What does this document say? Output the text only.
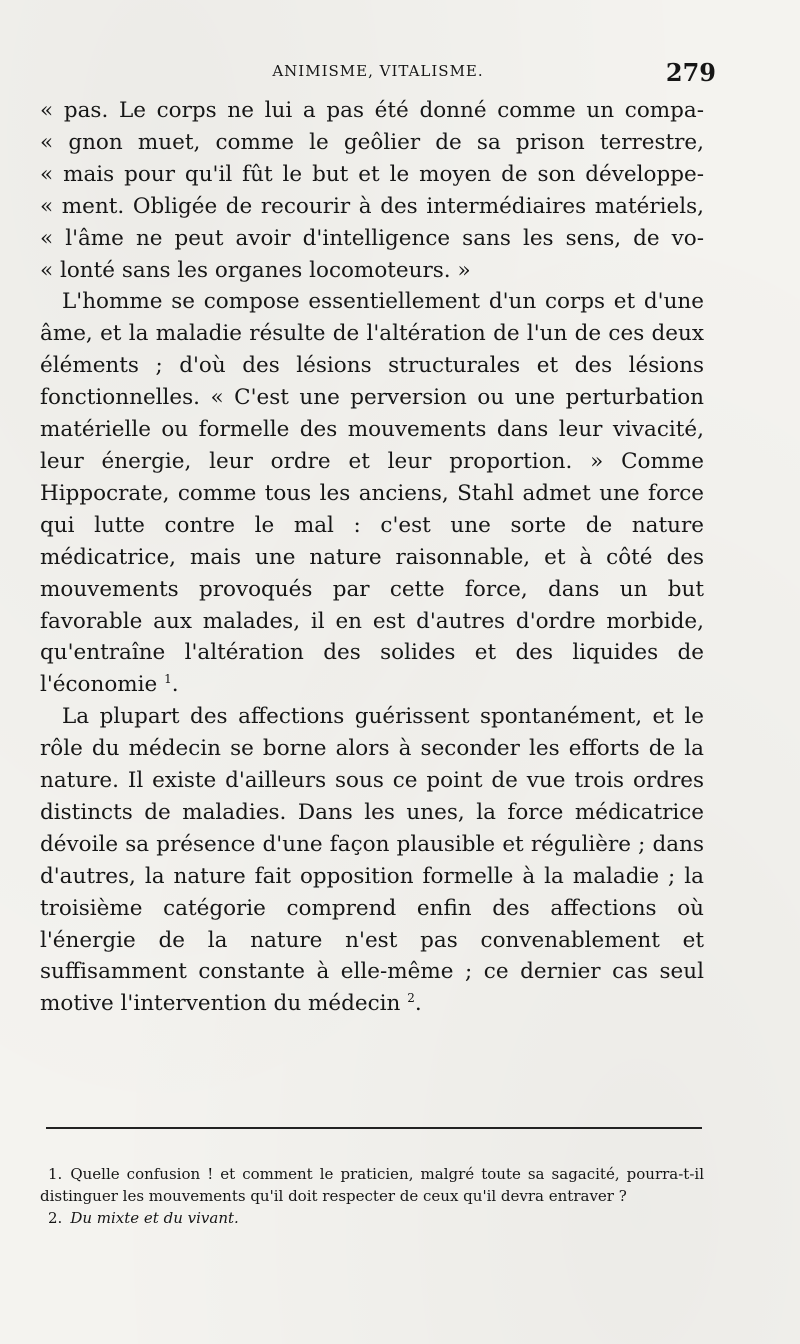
ANIMISME, VITALISME.	279
« pas. Le corps ne lui a pas été donné comme un compa-
« gnon muet, comme le geôlier de sa prison terrestre,
« mais pour qu'il fût le but et le moyen de son développe-
« ment. Obligée de recourir à des intermédiaires matériels,
« l'âme ne peut avoir d'intelligence sans les sens, de vo-
« lonté sans les organes locomoteurs. »

L'homme se compose essentiellement d'un corps et d'une âme, et la maladie résulte de l'altération de l'un de ces deux éléments ; d'où des lésions structurales et des lésions fonctionnelles. « C'est une perversion ou une perturbation matérielle ou formelle des mouvements dans leur vivacité, leur énergie, leur ordre et leur proportion. » Comme Hippocrate, comme tous les anciens, Stahl admet une force qui lutte contre le mal : c'est une sorte de nature médicatrice, mais une nature raisonnable, et à côté des mouvements provoqués par cette force, dans un but favorable aux malades, il en est d'autres d'ordre morbide, qu'entraîne l'altération des solides et des liquides de l'économie $^1$.

La plupart des affections guérissent spontanément, et le rôle du médecin se borne alors à seconder les efforts de la nature. Il existe d'ailleurs sous ce point de vue trois ordres distincts de maladies. Dans les unes, la force médicatrice dévoile sa présence d'une façon plausible et régulière ; dans d'autres, la nature fait opposition formelle à la maladie ; la troisième catégorie comprend enfin des affections où l'énergie de la nature n'est pas convenablement et suffisamment constante à elle-même ; ce dernier cas seul motive l'intervention du médecin $^2$.

1. Quelle confusion ! et comment le praticien, malgré toute sa sagacité, pourra-t-il distinguer les mouvements qu'il doit respecter de ceux qu'il devra entraver ?

2. Du mixte et du vivant.
